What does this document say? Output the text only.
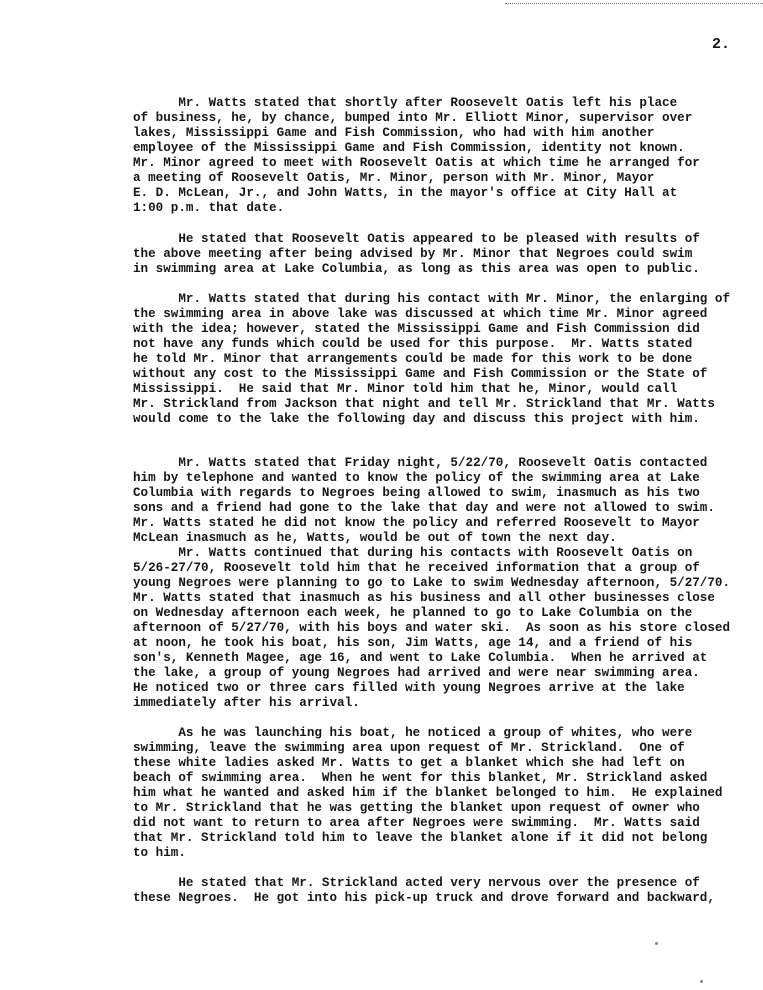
2.
Mr. Watts stated that shortly after Roosevelt Oatis left his place
of business, he, by chance, bumped into Mr. Elliott Minor, supervisor over
lakes, Mississippi Game and Fish Commission, who had with him another
employee of the Mississippi Game and Fish Commission, identity not known.
Mr. Minor agreed to meet with Roosevelt Oatis at which time he arranged for
a meeting of Roosevelt Oatis, Mr. Minor, person with Mr. Minor, Mayor
E. D. McLean, Jr., and John Watts, in the mayor's office at City Hall at
1:00 p.m. that date.
He stated that Roosevelt Oatis appeared to be pleased with results of
the above meeting after being advised by Mr. Minor that Negroes could swim
in swimming area at Lake Columbia, as long as this area was open to public.
Mr. Watts stated that during his contact with Mr. Minor, the enlarging of
the swimming area in above lake was discussed at which time Mr. Minor agreed
with the idea; however, stated the Mississippi Game and Fish Commission did
not have any funds which could be used for this purpose.  Mr. Watts stated
he told Mr. Minor that arrangements could be made for this work to be done
without any cost to the Mississippi Game and Fish Commission or the State of
Mississippi.  He said that Mr. Minor told him that he, Minor, would call
Mr. Strickland from Jackson that night and tell Mr. Strickland that Mr. Watts
would come to the lake the following day and discuss this project with him.
Mr. Watts stated that Friday night, 5/22/70, Roosevelt Oatis contacted
him by telephone and wanted to know the policy of the swimming area at Lake
Columbia with regards to Negroes being allowed to swim, inasmuch as his two
sons and a friend had gone to the lake that day and were not allowed to swim.
Mr. Watts stated he did not know the policy and referred Roosevelt to Mayor
McLean inasmuch as he, Watts, would be out of town the next day.
Mr. Watts continued that during his contacts with Roosevelt Oatis on
5/26-27/70, Roosevelt told him that he received information that a group of
young Negroes were planning to go to Lake to swim Wednesday afternoon, 5/27/70.
Mr. Watts stated that inasmuch as his business and all other businesses close
on Wednesday afternoon each week, he planned to go to Lake Columbia on the
afternoon of 5/27/70, with his boys and water ski.  As soon as his store closed
at noon, he took his boat, his son, Jim Watts, age 14, and a friend of his
son's, Kenneth Magee, age 16, and went to Lake Columbia.  When he arrived at
the lake, a group of young Negroes had arrived and were near swimming area.
He noticed two or three cars filled with young Negroes arrive at the lake
immediately after his arrival.
As he was launching his boat, he noticed a group of whites, who were
swimming, leave the swimming area upon request of Mr. Strickland.  One of
these white ladies asked Mr. Watts to get a blanket which she had left on
beach of swimming area.  When he went for this blanket, Mr. Strickland asked
him what he wanted and asked him if the blanket belonged to him.  He explained
to Mr. Strickland that he was getting the blanket upon request of owner who
did not want to return to area after Negroes were swimming.  Mr. Watts said
that Mr. Strickland told him to leave the blanket alone if it did not belong
to him.
He stated that Mr. Strickland acted very nervous over the presence of
these Negroes.  He got into his pick-up truck and drove forward and backward,
